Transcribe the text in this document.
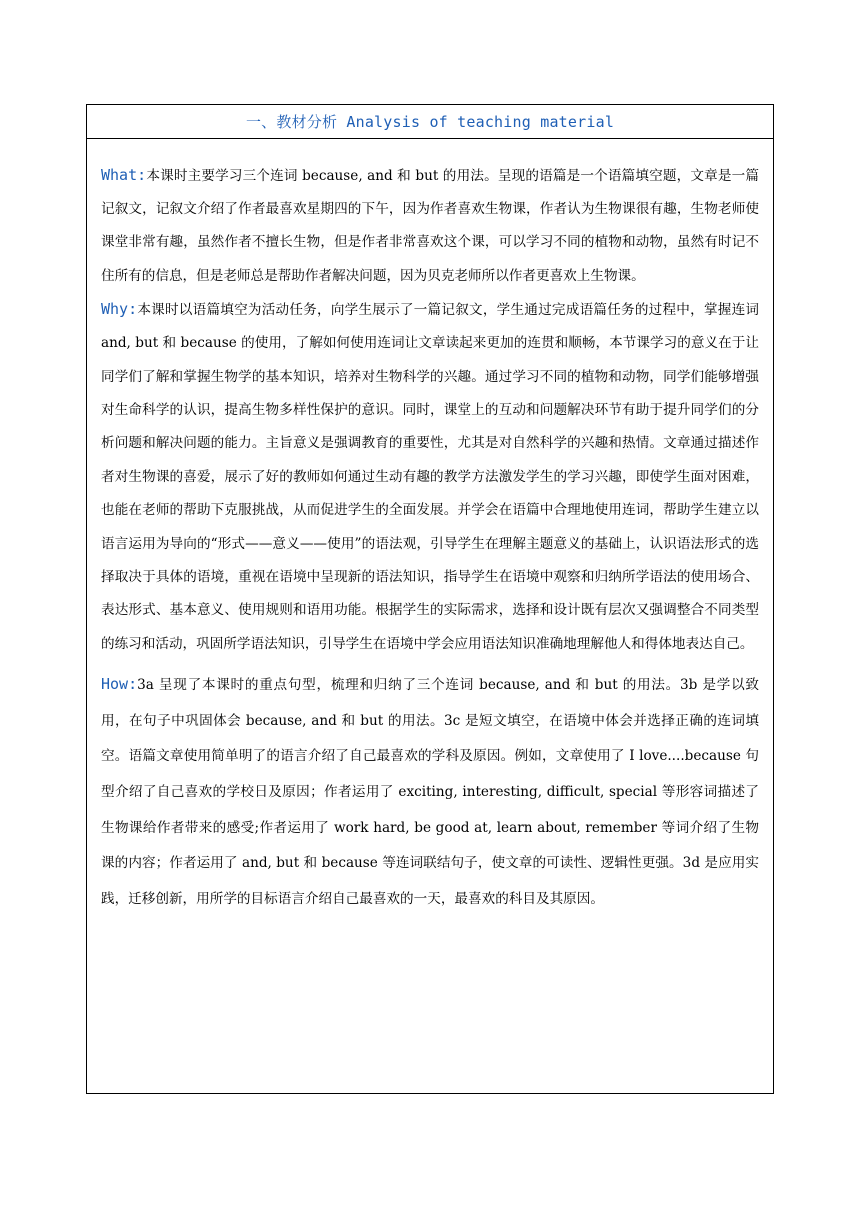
一、教材分析 Analysis of teaching material

What:本课时主要学习三个连词 because, and 和 but 的用法。呈现的语篇是一个语篇填空题，文章是一篇记叙文，记叙文介绍了作者最喜欢星期四的下午，因为作者喜欢生物课，作者认为生物课很有趣，生物老师使课堂非常有趣，虽然作者不擅长生物，但是作者非常喜欢这个课，可以学习不同的植物和动物，虽然有时记不住所有的信息，但是老师总是帮助作者解决问题，因为贝克老师所以作者更喜欢上生物课。

Why:本课时以语篇填空为活动任务，向学生展示了一篇记叙文，学生通过完成语篇任务的过程中，掌握连词 and, but 和 because 的使用，了解如何使用连词让文章读起来更加的连贯和顺畅，本节课学习的意义在于让同学们了解和掌握生物学的基本知识，培养对生物科学的兴趣。通过学习不同的植物和动物，同学们能够增强对生命科学的认识，提高生物多样性保护的意识。同时，课堂上的互动和问题解决环节有助于提升同学们的分析问题和解决问题的能力。主旨意义是强调教育的重要性，尤其是对自然科学的兴趣和热情。文章通过描述作者对生物课的喜爱，展示了好的教师如何通过生动有趣的教学方法激发学生的学习兴趣，即使学生面对困难，也能在老师的帮助下克服挑战，从而促进学生的全面发展。并学会在语篇中合理地使用连词，帮助学生建立以语言运用为导向的“形式——意义——使用”的语法观，引导学生在理解主题意义的基础上，认识语法形式的选择取决于具体的语境，重视在语境中呈现新的语法知识，指导学生在语境中观察和归纳所学语法的使用场合、表达形式、基本意义、使用规则和语用功能。根据学生的实际需求，选择和设计既有层次又强调整合不同类型的练习和活动，巩固所学语法知识，引导学生在语境中学会应用语法知识准确地理解他人和得体地表达自己。

How:3a 呈现了本课时的重点句型，梳理和归纳了三个连词 because, and 和 but 的用法。3b 是学以致用，在句子中巩固体会 because, and 和 but 的用法。3c 是短文填空，在语境中体会并选择正确的连词填空。语篇文章使用简单明了的语言介绍了自己最喜欢的学科及原因。例如，文章使用了 I love....because 句型介绍了自己喜欢的学校日及原因；作者运用了 exciting, interesting, difficult, special 等形容词描述了生物课给作者带来的感受;作者运用了 work hard, be good at, learn about, remember 等词介绍了生物课的内容；作者运用了 and, but 和 because 等连词联结句子，使文章的可读性、逻辑性更强。3d 是应用实践，迁移创新，用所学的目标语言介绍自己最喜欢的一天，最喜欢的科目及其原因。
